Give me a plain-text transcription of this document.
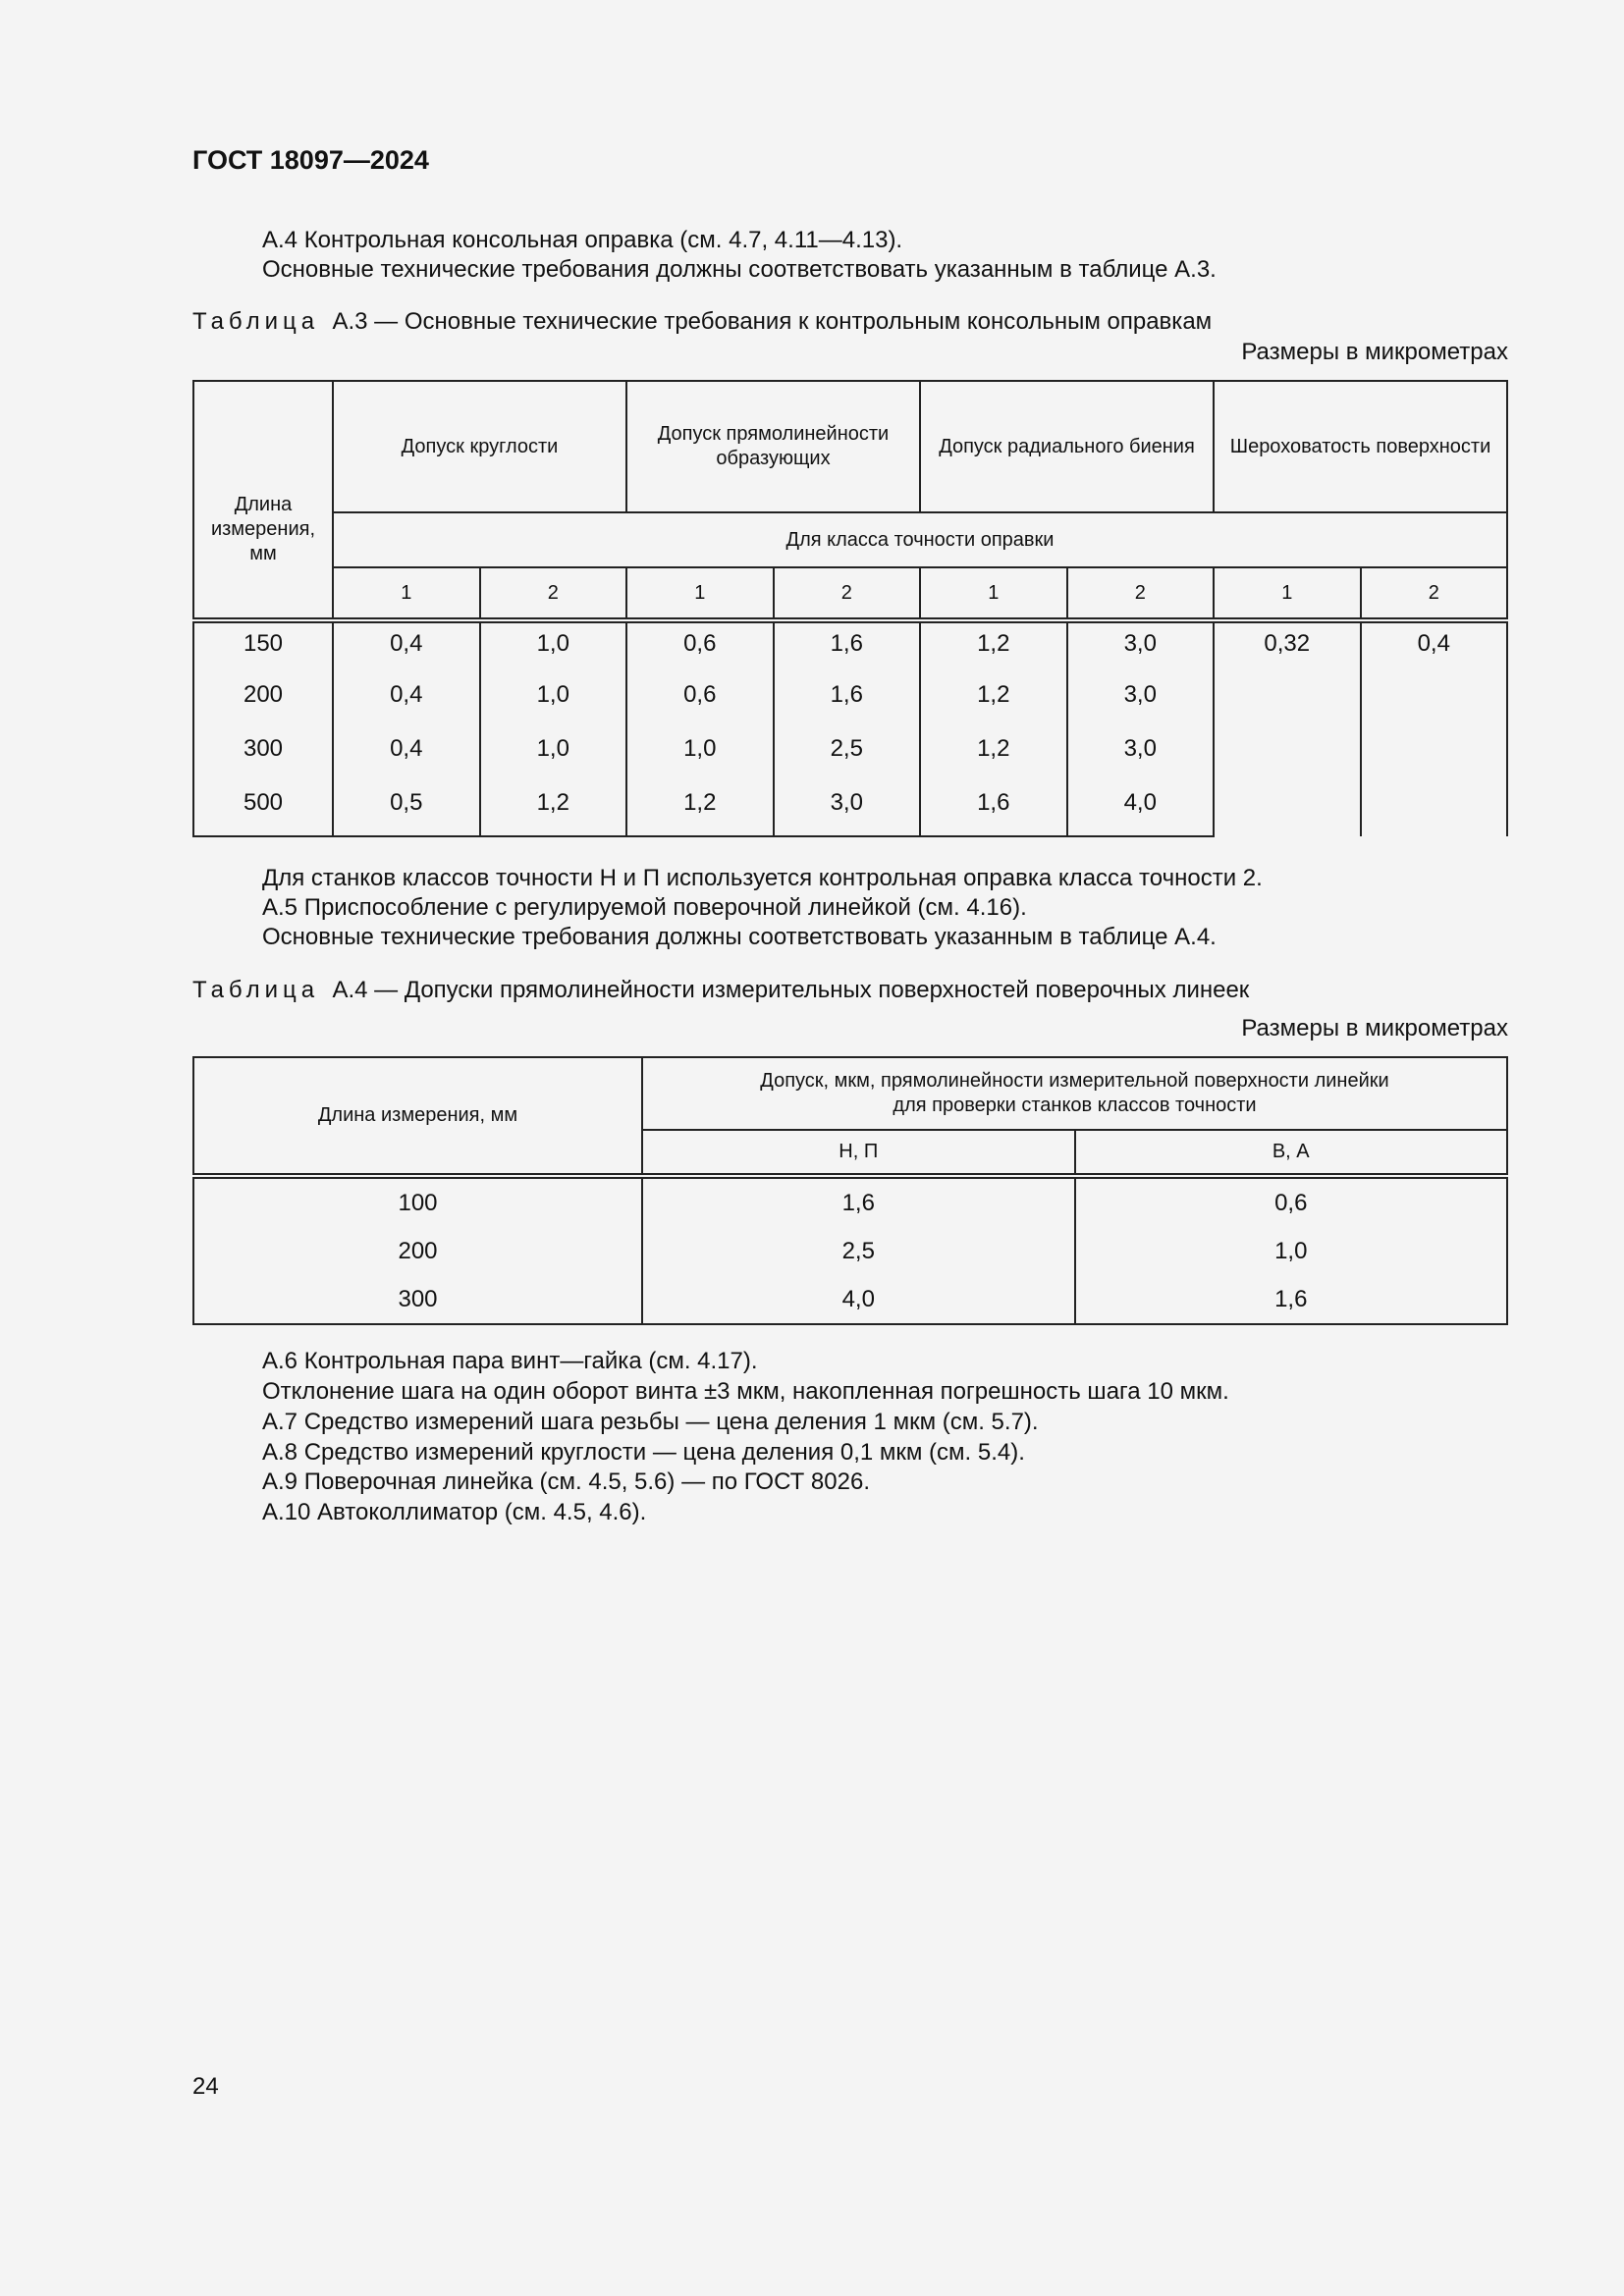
ГОСТ 18097—2024

А.4 Контрольная консольная оправка (см. 4.7, 4.11—4.13).

Основные технические требования должны соответствовать указанным в таблице А.3.

Таблица А.3 — Основные технические требования к контрольным консольным оправкам

Размеры в микрометрах

Длина измерения, мм	Допуск круглости		Допуск прямолинейности образующих		Допуск радиального биения		Шероховатость поверхности	
	Для класса точности оправки							
	1	2	1	2	1	2	1	2
150	0,4	1,0	0,6	1,6	1,2	3,0	0,32	0,4
200	0,4	1,0	0,6	1,6	1,2	3,0		
300	0,4	1,0	1,0	2,5	1,2	3,0		
500	0,5	1,2	1,2	3,0	1,6	4,0		

Для станков классов точности Н и П используется контрольная оправка класса точности 2.

А.5 Приспособление с регулируемой поверочной линейкой (см. 4.16).

Основные технические требования должны соответствовать указанным в таблице А.4.

Таблица А.4 — Допуски прямолинейности измерительных поверхностей поверочных линеек

Размеры в микрометрах

Длина измерения, мм	Допуск, мкм, прямолинейности измерительной поверхности линейки
для проверки станков классов точности	

	Н, П	В, А
100	1,6	0,6
200	2,5	1,0
300	4,0	1,6

А.6 Контрольная пара винт—гайка (см. 4.17).

Отклонение шага на один оборот винта ±3 мкм, накопленная погрешность шага 10 мкм.

А.7 Средство измерений шага резьбы — цена деления 1 мкм (см. 5.7).

А.8 Средство измерений круглости — цена деления 0,1 мкм (см. 5.4).

А.9 Поверочная линейка (см. 4.5, 5.6) — по ГОСТ 8026.

А.10 Автоколлиматор (см. 4.5, 4.6).

24
